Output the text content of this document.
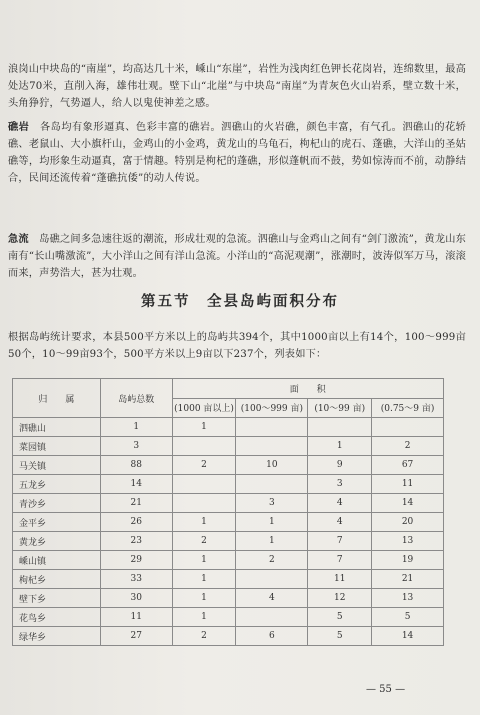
浪岗山中块岛的“南崖”，均高达几十米，嵊山“东崖”，岩性为浅肉红色钾长花岗岩，连绵数里，最高处达70米，直削入海，雄伟壮观。壁下山“北崖”与中块岛“南崖”为青灰色火山岩系，壁立数十米，头角狰狞，气势逼人，给人以鬼使神差之感。
礁岩　 各岛均有象形逼真、色彩丰富的礁岩。泗礁山的火岩礁，颜色丰富，有气孔。泗礁山的花轿礁、老鼠山、大小旗杆山，金鸡山的小金鸡，黄龙山的乌龟石，枸杞山的虎石、蓬礁，大洋山的圣姑礁等，均形象生动逼真，富于情趣。特别是枸杞的蓬礁，形似蓬帆而不鼓，势如惊涛而不前，动静结合，民间还流传着“蓬礁抗倭”的动人传说。
急流　 岛礁之间多急速往返的潮流，形成壮观的急流。泗礁山与金鸡山之间有“剑门激流”，黄龙山东南有“长山嘴激流”，大小洋山之间有洋山急流。小洋山的“高泥观潮”，涨潮时，波涛似军万马，滚滚而来，声势浩大，甚为壮观。
第五节　全县岛屿面积分布
根据岛屿统计要求，本县500平方米以上的岛屿共394个，其中1000亩以上有14个，100～999亩50个，10～99亩93个，500平方米以上9亩以下237个，列表如下：
归　　属	岛屿总数	面　　积			
		(1000 亩以上)	(100～999 亩)	(10～99 亩)	(0.75～9 亩)
泗礁山	1	1			
菜园镇	3			1	2
马关镇	88	2	10	9	67
五龙乡	14			3	11
青沙乡	21		3	4	14
金平乡	26	1	1	4	20
黄龙乡	23	2	1	7	13
嵊山镇	29	1	2	7	19
枸杞乡	33	1		11	21
壁下乡	30	1	4	12	13
花鸟乡	11	1		5	5
绿华乡	27	2	6	5	14
— 55 —
